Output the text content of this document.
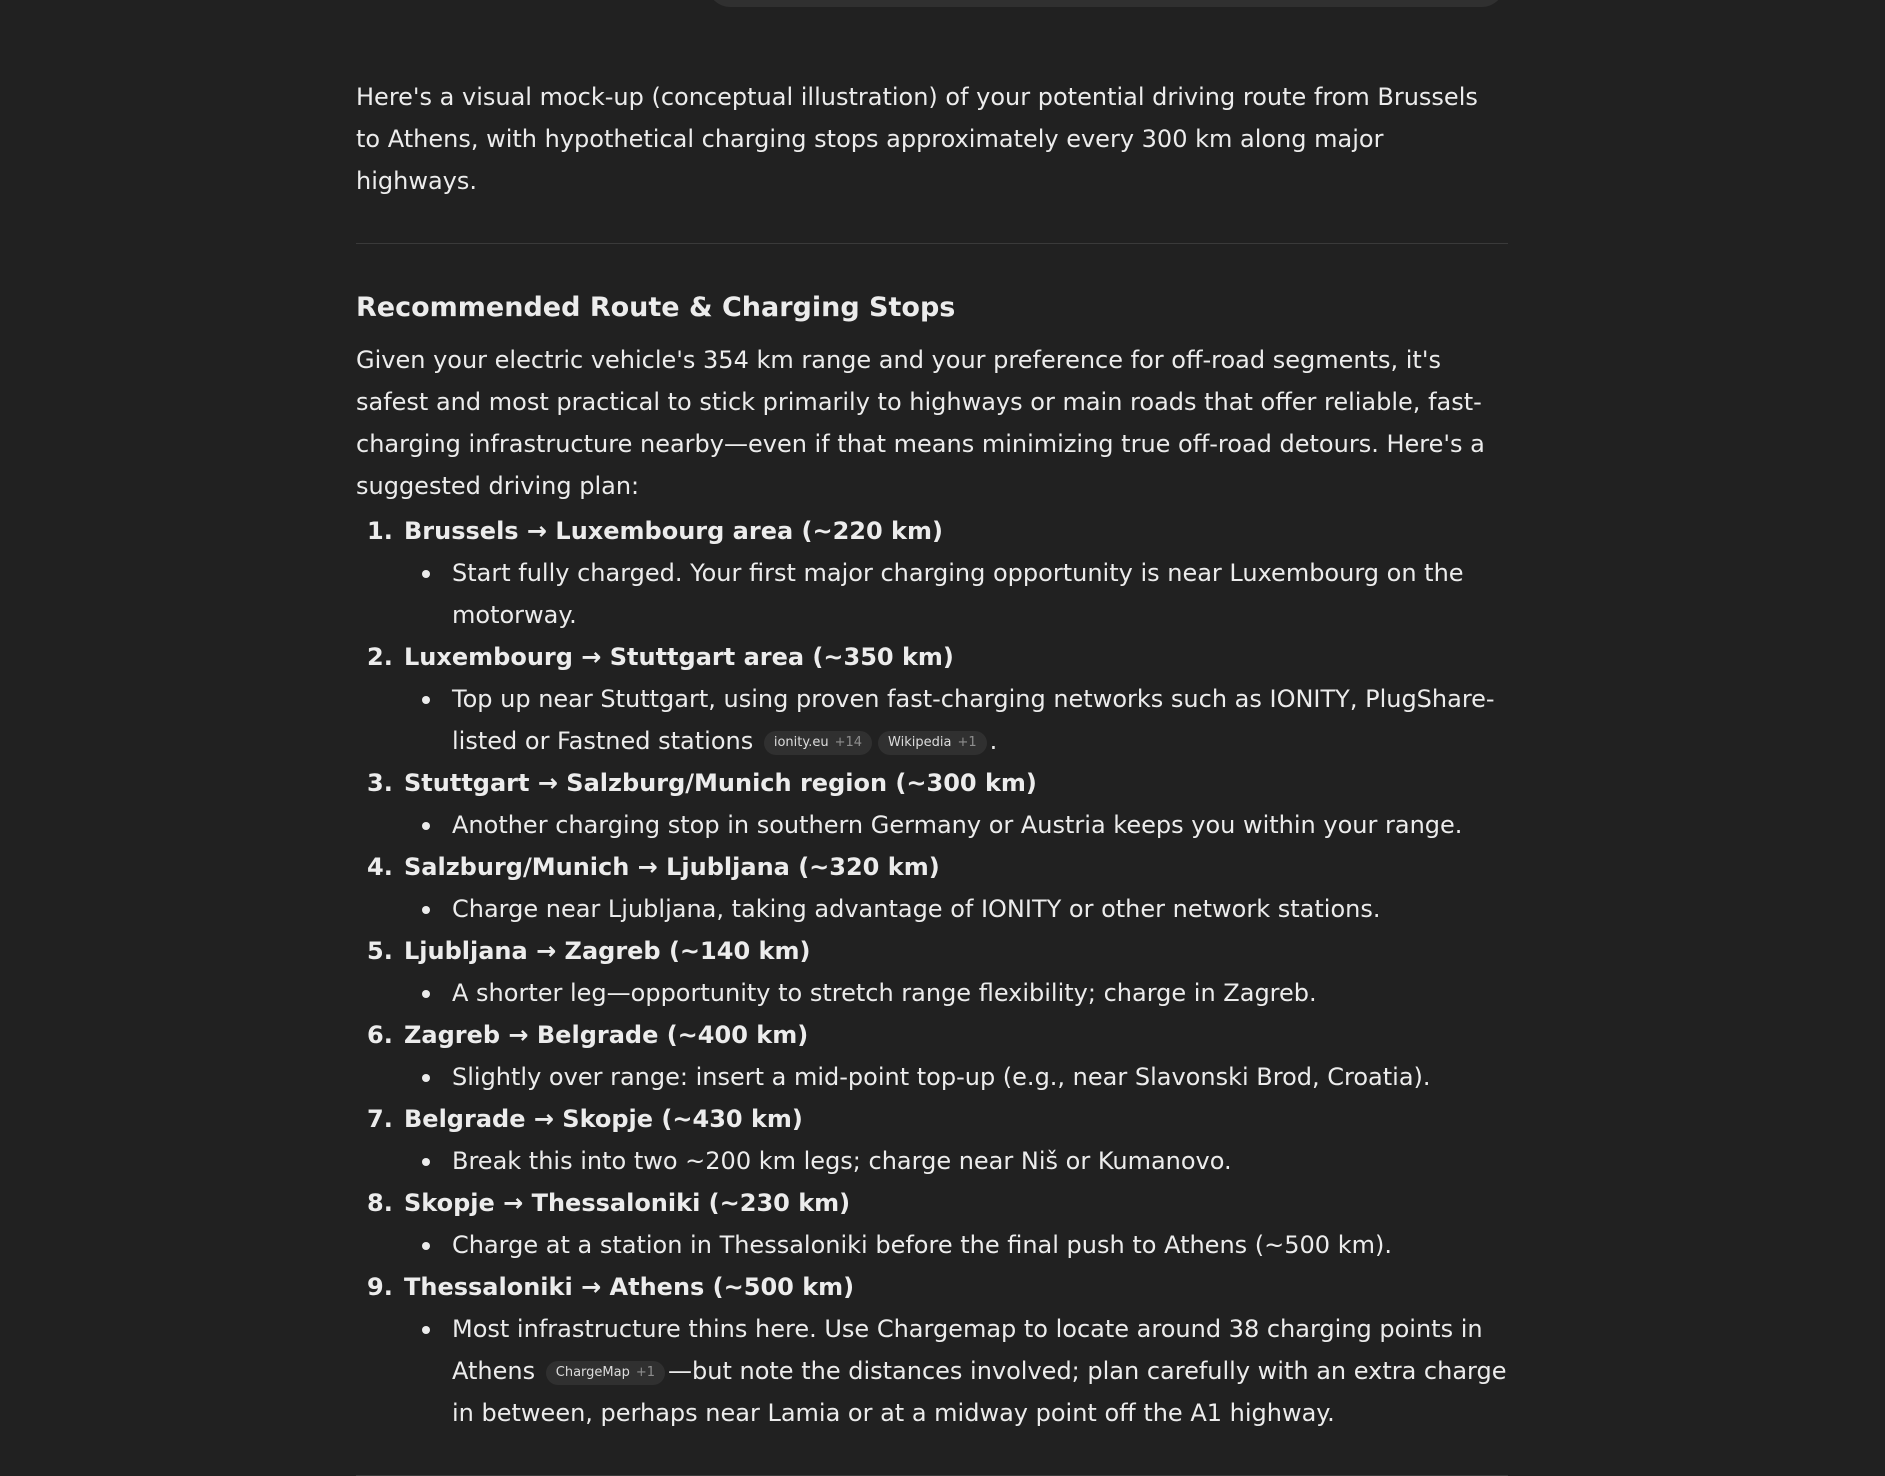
Here's a visual mock-up (conceptual illustration) of your potential driving route from Brussels to Athens, with hypothetical charging stops approximately every 300 km along major highways.

Recommended Route & Charging Stops

Given your electric vehicle's 354 km range and your preference for off-road segments, it's safest and most practical to stick primarily to highways or main roads that offer reliable, fast-charging infrastructure nearby—even if that means minimizing true off-road detours. Here's a suggested driving plan:

1. Brussels → Luxembourg area (~220 km)
Start fully charged. Your first major charging opportunity is near Luxembourg on the motorway.
2. Luxembourg → Stuttgart area (~350 km)
Top up near Stuttgart, using proven fast-charging networks such as IONITY, PlugShare-listed or Fastned stations ionity.eu +14 Wikipedia +1 .
3. Stuttgart → Salzburg/Munich region (~300 km)
Another charging stop in southern Germany or Austria keeps you within your range.
4. Salzburg/Munich → Ljubljana (~320 km)
Charge near Ljubljana, taking advantage of IONITY or other network stations.
5. Ljubljana → Zagreb (~140 km)
A shorter leg—opportunity to stretch range flexibility; charge in Zagreb.
6. Zagreb → Belgrade (~400 km)
Slightly over range: insert a mid-point top-up (e.g., near Slavonski Brod, Croatia).
7. Belgrade → Skopje (~430 km)
Break this into two ~200 km legs; charge near Niš or Kumanovo.
8. Skopje → Thessaloniki (~230 km)
Charge at a station in Thessaloniki before the final push to Athens (~500 km).
9. Thessaloniki → Athens (~500 km)
Most infrastructure thins here. Use Chargemap to locate around 38 charging points in Athens ChargeMap +1 —but note the distances involved; plan carefully with an extra charge in between, perhaps near Lamia or at a midway point off the A1 highway.
